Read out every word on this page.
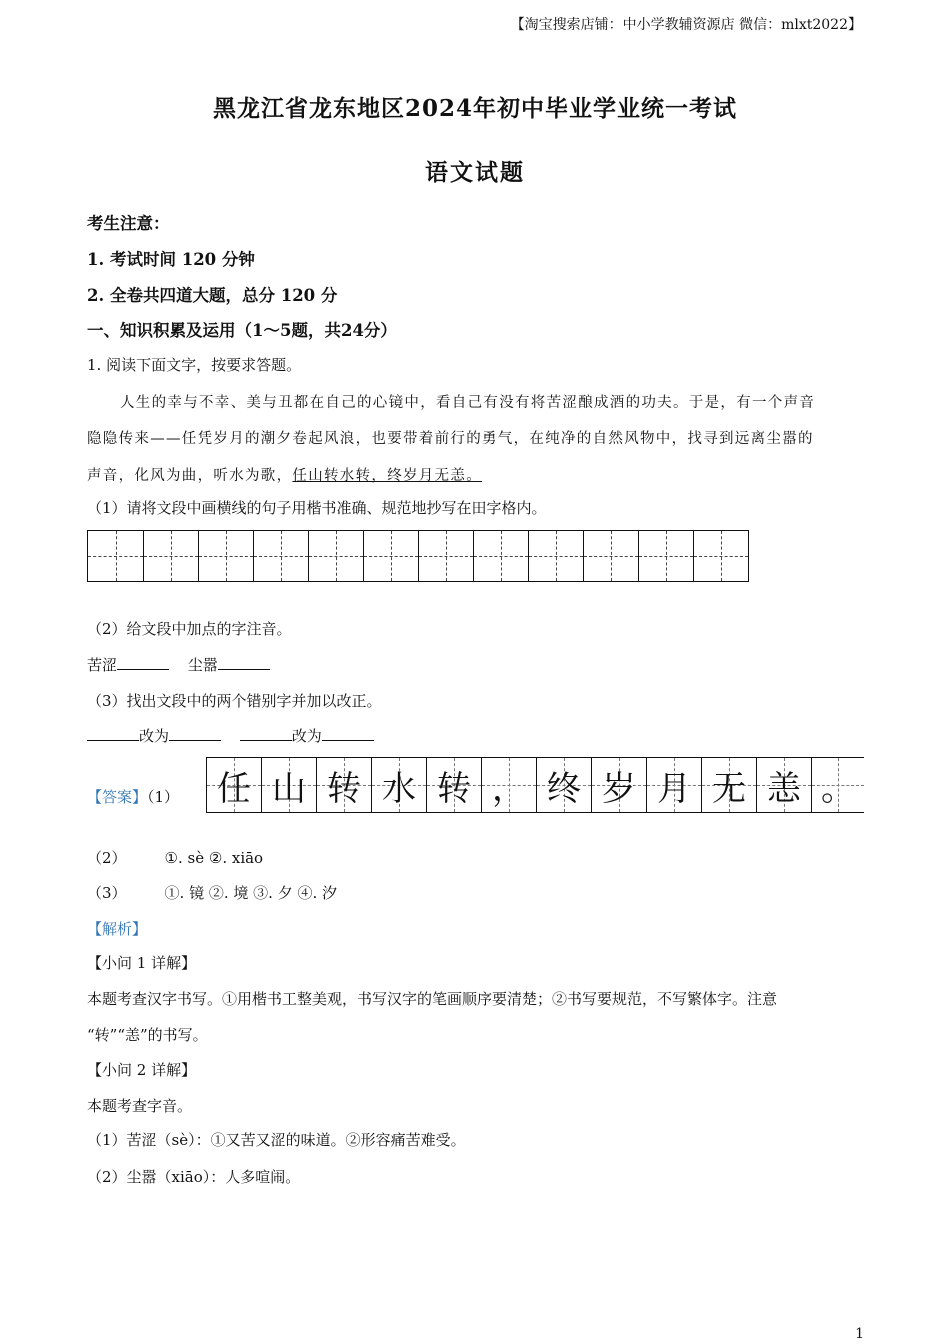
【淘宝搜索店铺：中小学教辅资源店 微信：mlxt2022】
黑龙江省龙东地区2024年初中毕业学业统一考试
语文试题
考生注意：
1. 考试时间 120 分钟
2. 全卷共四道大题，总分 120 分
一、知识积累及运用（1～5题，共24分）
1. 阅读下面文字，按要求答题。
人生的幸与不幸、美与丑都在自己的心镜中，看自己有没有将苦涩酿成酒的功夫。于是，有一个声音
隐隐传来——任凭岁月的潮夕卷起风浪，也要带着前行的勇气，在纯净的自然风物中，找寻到远离尘嚣的
声音，化风为曲，听水为歌，任山转水转，终岁月无恙。
（1）请将文段中画横线的句子用楷书准确、规范地抄写在田字格内。
（2）给文段中加点的字注音。
苦涩	尘嚣
（3）找出文段中的两个错别字并加以改正。
改为	改为
【答案】（1） 任 山 转 水 转 ， 终 岁 月 无 恙 。
（2）	①. sè ②. xiāo
（3）	①. 镜 ②. 境 ③. 夕 ④. 汐
【解析】
【小问 1 详解】
本题考查汉字书写。①用楷书工整美观，书写汉字的笔画顺序要清楚；②书写要规范，不写繁体字。注意
“转”“恙”的书写。
【小问 2 详解】
本题考查字音。
（1）苦涩（sè）：①又苦又涩的味道。②形容痛苦难受。
（2）尘嚣（xiāo）：人多喧闹。
1
